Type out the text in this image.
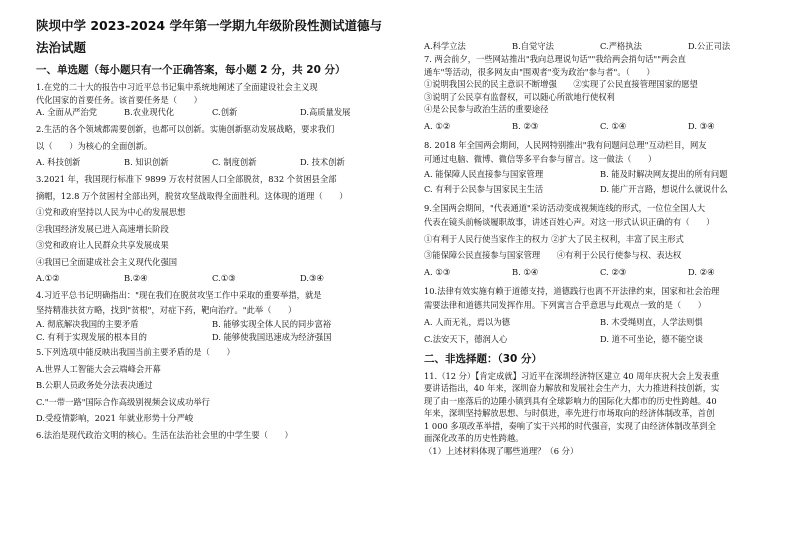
陕坝中学 2023-2024 学年第一学期九年级阶段性测试道德与
法治试题
一、单选题（每小题只有一个正确答案，每小题 2 分，共 20 分）
1.在党的二十大的报告中习近平总书记集中系统地阐述了全面建设社会主义现
代化国家的首要任务。该首要任务是（　　）
A. 全面从严治党	B.农业现代化	C.创新	D.高质量发展
2.生活的各个领域都需要创新，也都可以创新。实施创新驱动发展战略，要求我们
以（　　）为核心的全面创新。
A. 科技创新	B. 知识创新	C. 制度创新	D. 技术创新
3.2021 年，我国现行标准下 9899 万农村贫困人口全部脱贫，832 个贫困县全部
摘帽，12.8 万个贫困村全部出列，脱贫攻坚战取得全面胜利。这体现的道理（　　）
①党和政府坚持以人民为中心的发展思想
②我国经济发展已进入高速增长阶段
③党和政府让人民群众共享发展成果
④我国已全面建成社会主义现代化强国
A.①②	B.②④	C.①③	D.③④
4.习近平总书记明确指出："现在我们在脱贫攻坚工作中采取的重要举措，就是
坚持精准扶贫方略，找到"贫根"，对症下药，靶向治疗。"此举（　　）
A. 彻底解决我国的主要矛盾	B. 能够实现全体人民的同步富裕
C. 有利于实现发展的根本目的	D. 能够使我国迅速成为经济强国
5.下列选项中能反映出我国当前主要矛盾的是（　　）
A.世界人工智能大会云端峰会开幕
B.公职人员政务处分法表决通过
C."一带一路"国际合作高级别视频会议成功举行
D.受疫情影响，2021 年就业形势十分严峻
6.法治是现代政治文明的核心。生活在法治社会里的中学生要（　　）
A.科学立法	B.自觉守法	C.严格执法	D.公正司法
7. 两会前夕，一些网站推出"我向总理说句话""我给两会捎句话""两会直
通车"等活动，很多网友由"围观者"变为政治"参与者"。（　　）
①说明我国公民的民主意识不断增强　　②实现了公民直接管理国家的愿望
③说明了公民享有监督权，可以随心所欲地行使权利
④是公民参与政治生活的重要途径
A. ①②	B. ②③	C. ①④	D. ③④
8. 2018 年全国两会期间，人民网特别推出"我有问题问总理"互动栏目，网友
可通过电脑、微博、微信等多平台参与留言。这一做法（　　）
A. 能保障人民直接参与国家管理	B. 能及时解决网友提出的所有问题
C. 有利于公民参与国家民主生活	D. 能广开言路，想说什么就说什么
9.全国两会期间，"代表通道"采访活动变成视频连线的形式，一位位全国人大
代表在镜头前畅谈履职故事，讲述百姓心声。对这一形式认识正确的有（　　）
①有利于人民行使当家作主的权力 ②扩大了民主权利，丰富了民主形式
③能保障公民直接参与国家管理　　④有利于公民行使参与权、表达权
A. ①③	B. ①④	C. ②③	D. ②④
10.法律有效实施有赖于道德支持，道德践行也离不开法律约束，国家和社会治理
需要法律和道德共同发挥作用。下列寓言合乎意思与此观点一致的是（　　）
A. 人而无礼，焉以为德	B. 木受绳则直，人学法则惧
C.法安天下，德润人心	D. 道不可坐论，德不能空谈
二、非选择题：（30 分）
11.（12 分）【肯定成就】习近平在深圳经济特区建立 40 周年庆祝大会上发表重
要讲话指出，40 年来，深圳奋力解放和发展社会生产力，大力推进科技创新，实
现了由一座落后的边陲小镇到具有全球影响力的国际化大都市的历史性跨越。40
年来，深圳坚持解放思想、与时俱进，率先进行市场取向的经济体制改革，首创
1 000 多项改革举措，奏响了实干兴邦的时代强音，实现了由经济体制改革到全
面深化改革的历史性跨越。
（1）上述材料体现了哪些道理？（6 分）
